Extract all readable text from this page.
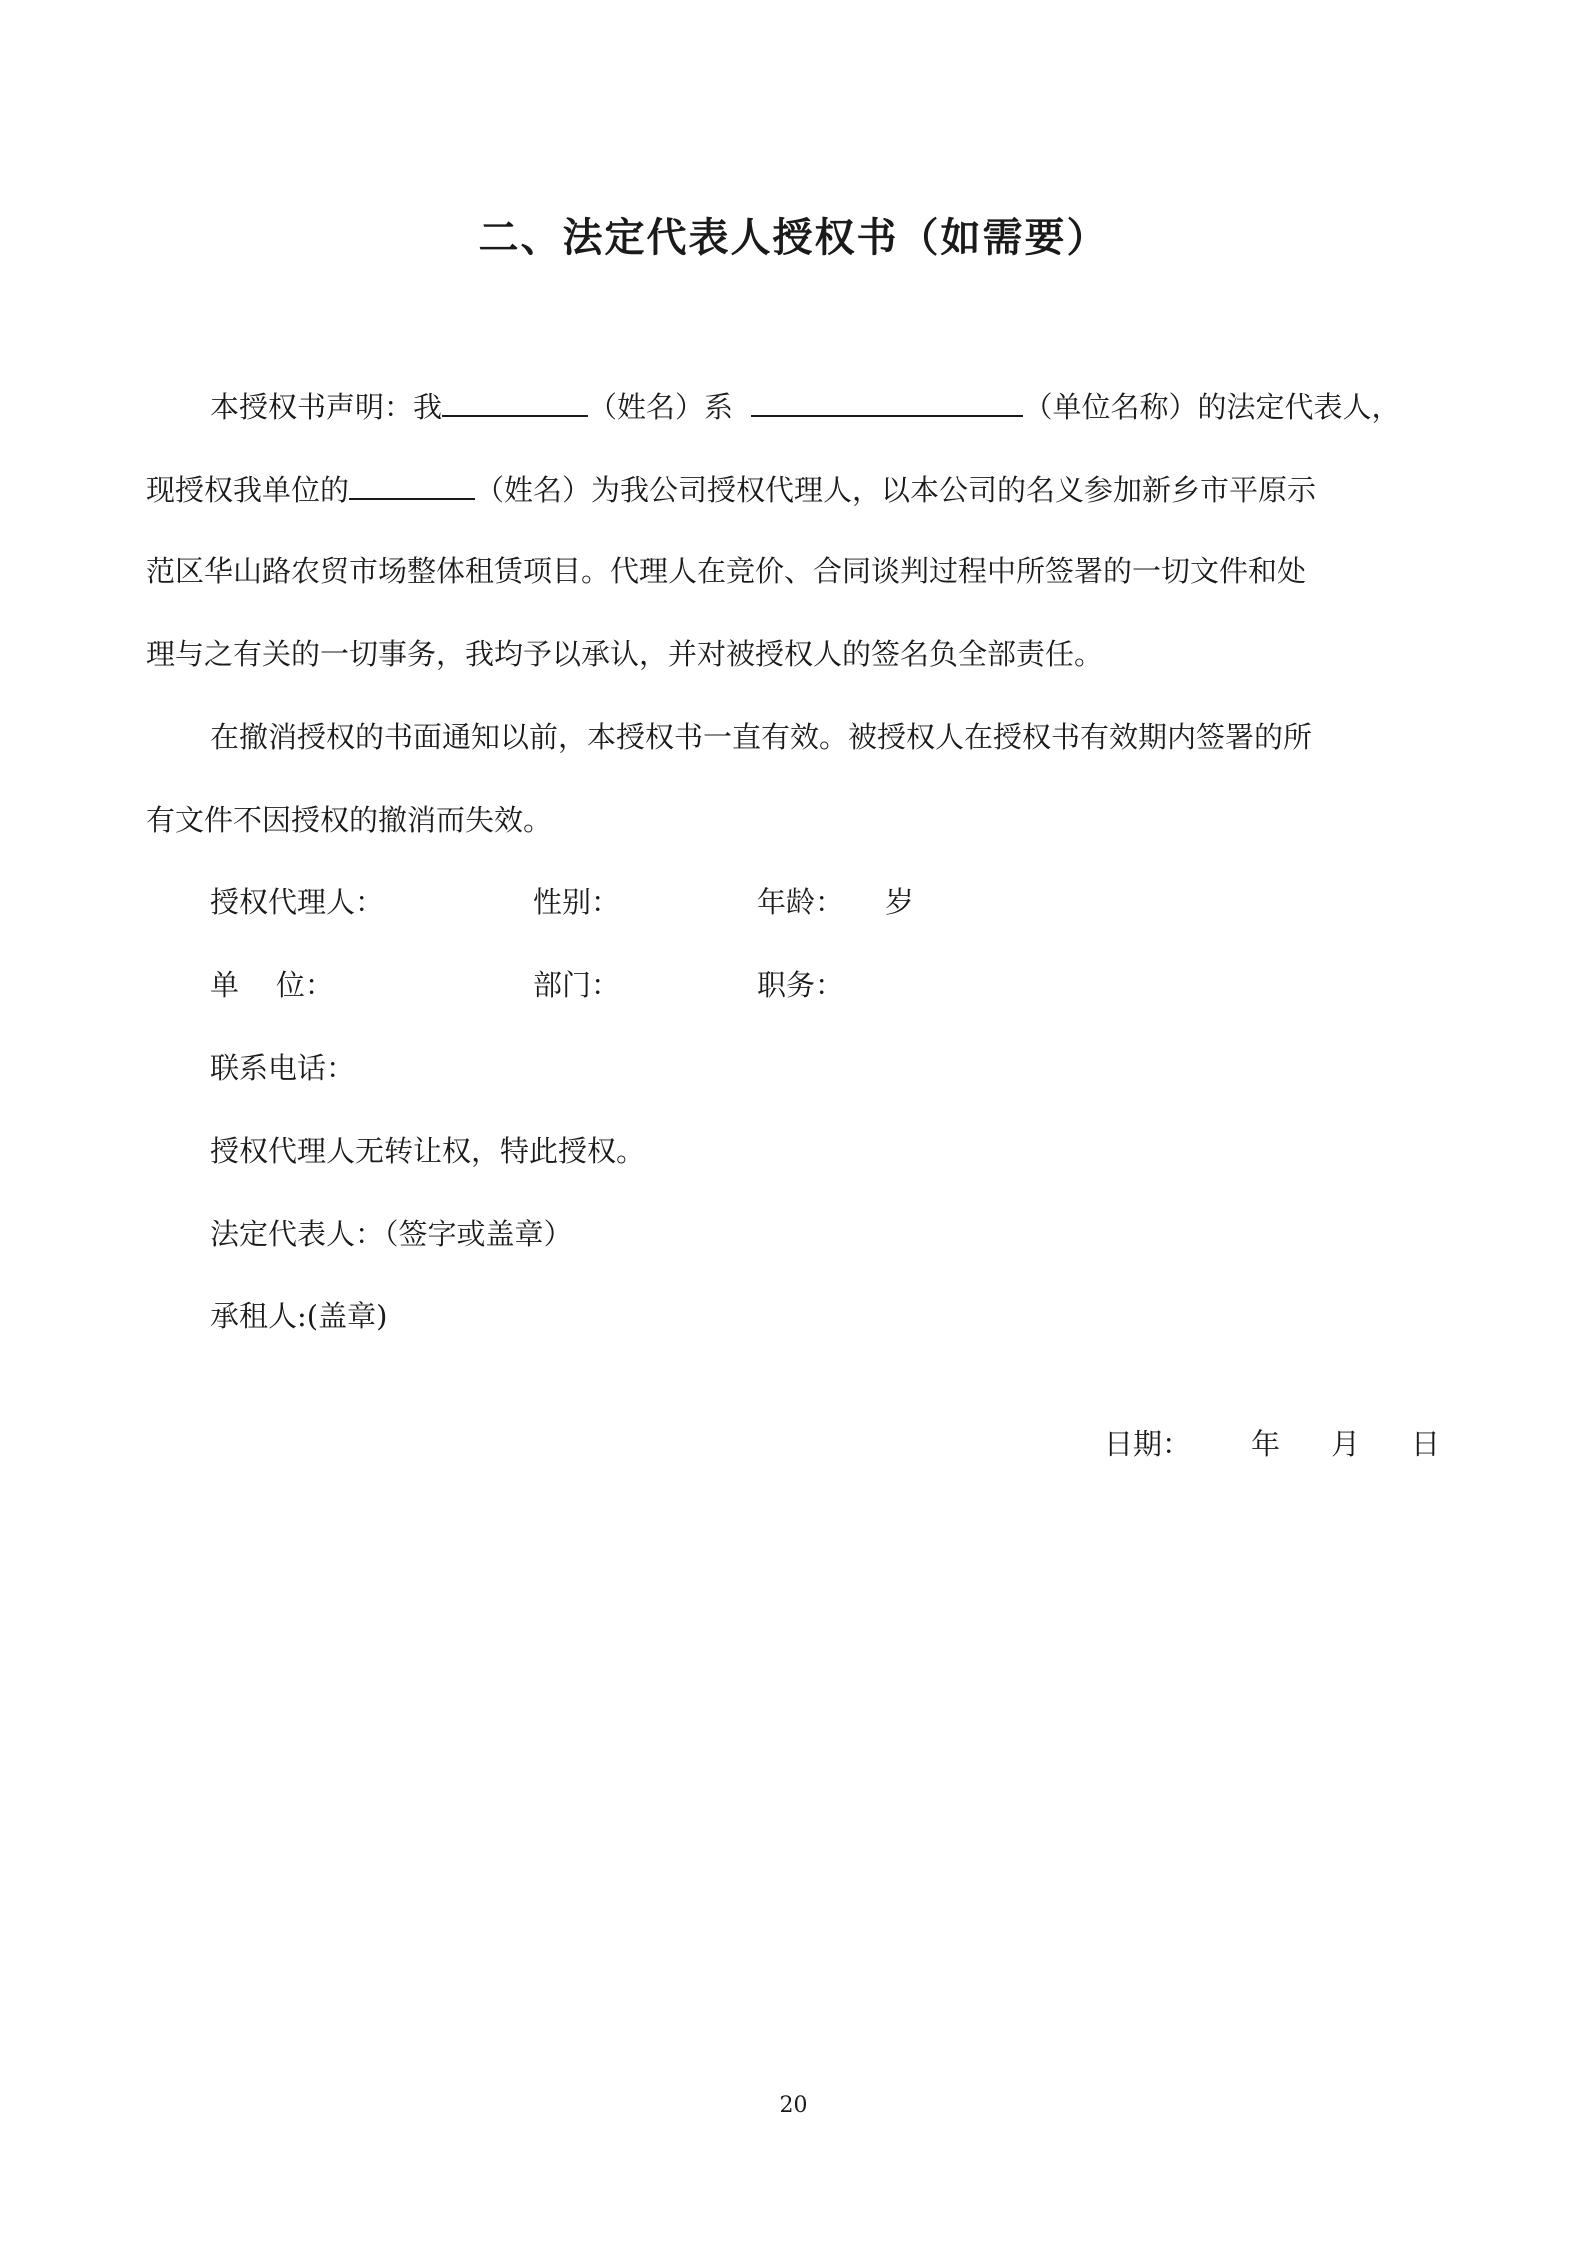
二、法定代表人授权书（如需要）
本授权书声明：我	（姓名）系	（单位名称）的法定代表人，
现授权我单位的	（姓名）为我公司授权代理人，以本公司的名义参加新乡市平原示
范区华山路农贸市场整体租赁项目。代理人在竞价、合同谈判过程中所签署的一切文件和处
理与之有关的一切事务，我均予以承认，并对被授权人的签名负全部责任。
在撤消授权的书面通知以前，本授权书一直有效。被授权人在授权书有效期内签署的所
有文件不因授权的撤消而失效。
授权代理人：	性别：	年龄： 岁
单    位：	部门：	职务：
联系电话：
授权代理人无转让权，特此授权。
法定代表人：（签字或盖章）
承租人:(盖章)
日期： 年 月 日
20
